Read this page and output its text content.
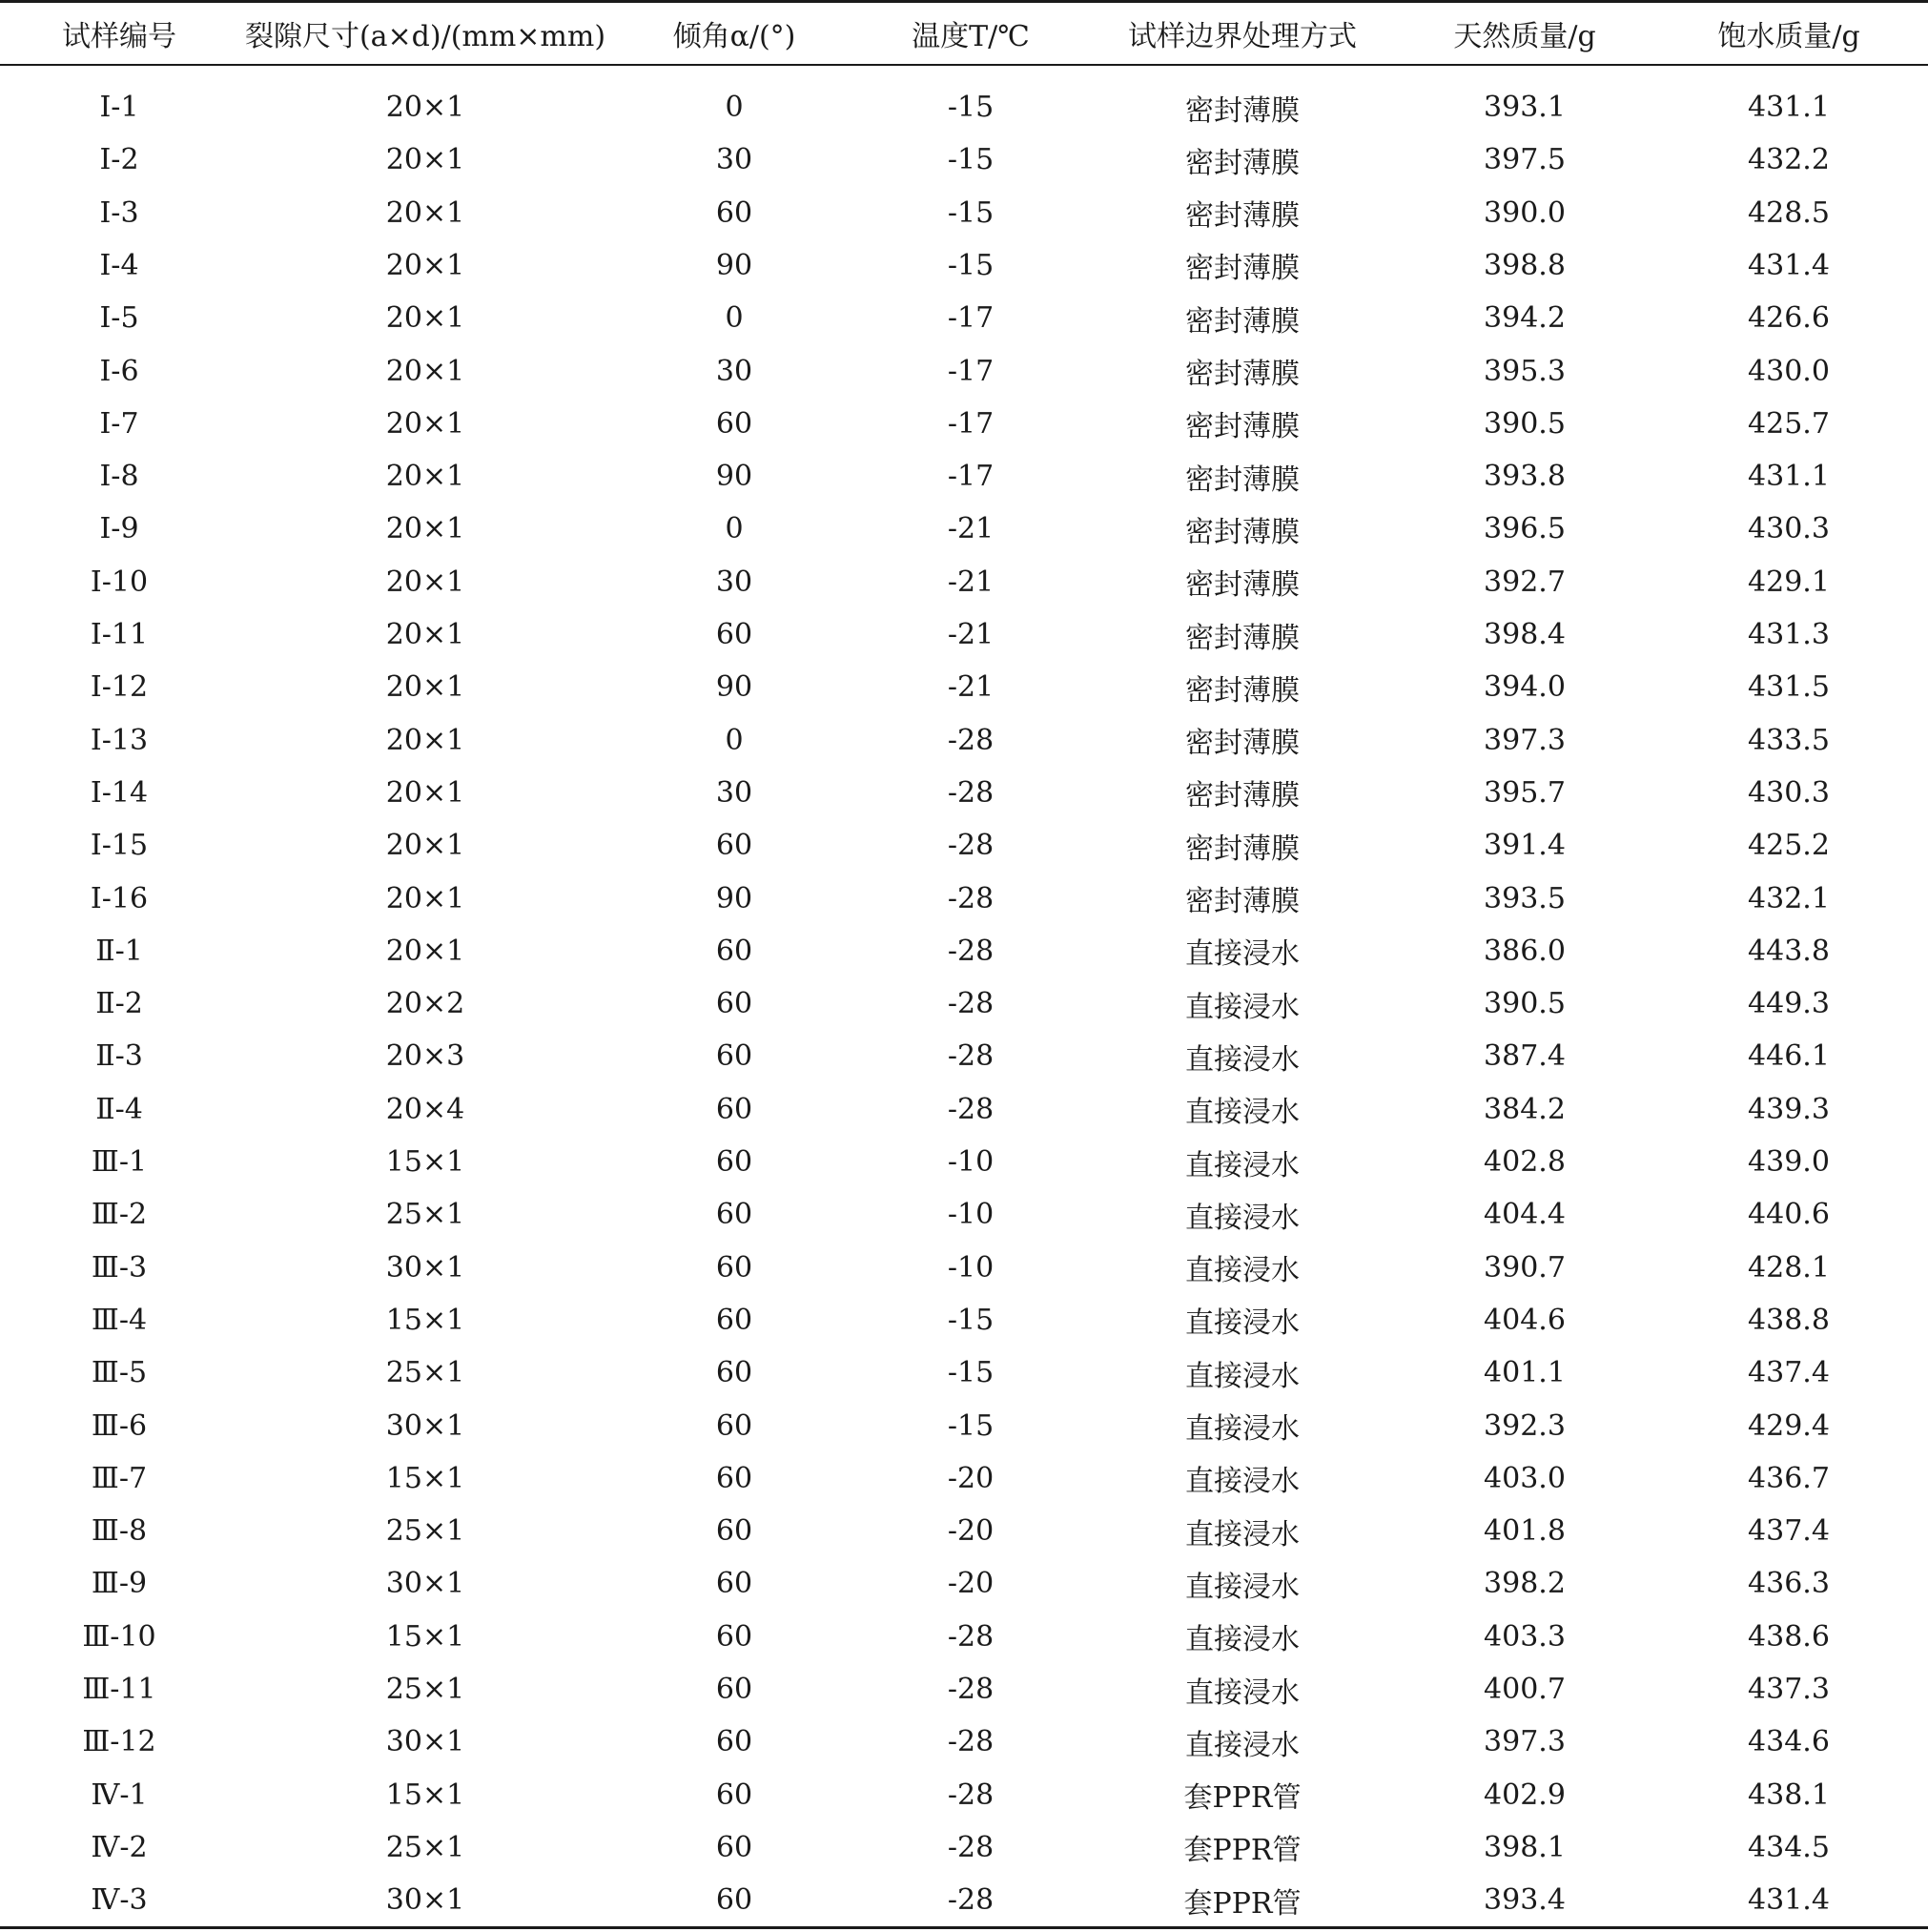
试样编号	裂隙尺寸(a×d)/(mm×mm)	倾角α/(°)	温度T/℃	试样边界处理方式	天然质量/g	饱水质量/g
Ⅰ-1	20×1	0	-15	密封薄膜	393.1	431.1
Ⅰ-2	20×1	30	-15	密封薄膜	397.5	432.2
Ⅰ-3	20×1	60	-15	密封薄膜	390.0	428.5
Ⅰ-4	20×1	90	-15	密封薄膜	398.8	431.4
Ⅰ-5	20×1	0	-17	密封薄膜	394.2	426.6
Ⅰ-6	20×1	30	-17	密封薄膜	395.3	430.0
Ⅰ-7	20×1	60	-17	密封薄膜	390.5	425.7
Ⅰ-8	20×1	90	-17	密封薄膜	393.8	431.1
Ⅰ-9	20×1	0	-21	密封薄膜	396.5	430.3
Ⅰ-10	20×1	30	-21	密封薄膜	392.7	429.1
Ⅰ-11	20×1	60	-21	密封薄膜	398.4	431.3
Ⅰ-12	20×1	90	-21	密封薄膜	394.0	431.5
Ⅰ-13	20×1	0	-28	密封薄膜	397.3	433.5
Ⅰ-14	20×1	30	-28	密封薄膜	395.7	430.3
Ⅰ-15	20×1	60	-28	密封薄膜	391.4	425.2
Ⅰ-16	20×1	90	-28	密封薄膜	393.5	432.1
Ⅱ-1	20×1	60	-28	直接浸水	386.0	443.8
Ⅱ-2	20×2	60	-28	直接浸水	390.5	449.3
Ⅱ-3	20×3	60	-28	直接浸水	387.4	446.1
Ⅱ-4	20×4	60	-28	直接浸水	384.2	439.3
Ⅲ-1	15×1	60	-10	直接浸水	402.8	439.0
Ⅲ-2	25×1	60	-10	直接浸水	404.4	440.6
Ⅲ-3	30×1	60	-10	直接浸水	390.7	428.1
Ⅲ-4	15×1	60	-15	直接浸水	404.6	438.8
Ⅲ-5	25×1	60	-15	直接浸水	401.1	437.4
Ⅲ-6	30×1	60	-15	直接浸水	392.3	429.4
Ⅲ-7	15×1	60	-20	直接浸水	403.0	436.7
Ⅲ-8	25×1	60	-20	直接浸水	401.8	437.4
Ⅲ-9	30×1	60	-20	直接浸水	398.2	436.3
Ⅲ-10	15×1	60	-28	直接浸水	403.3	438.6
Ⅲ-11	25×1	60	-28	直接浸水	400.7	437.3
Ⅲ-12	30×1	60	-28	直接浸水	397.3	434.6
Ⅳ-1	15×1	60	-28	套PPR管	402.9	438.1
Ⅳ-2	25×1	60	-28	套PPR管	398.1	434.5
Ⅳ-3	30×1	60	-28	套PPR管	393.4	431.4
